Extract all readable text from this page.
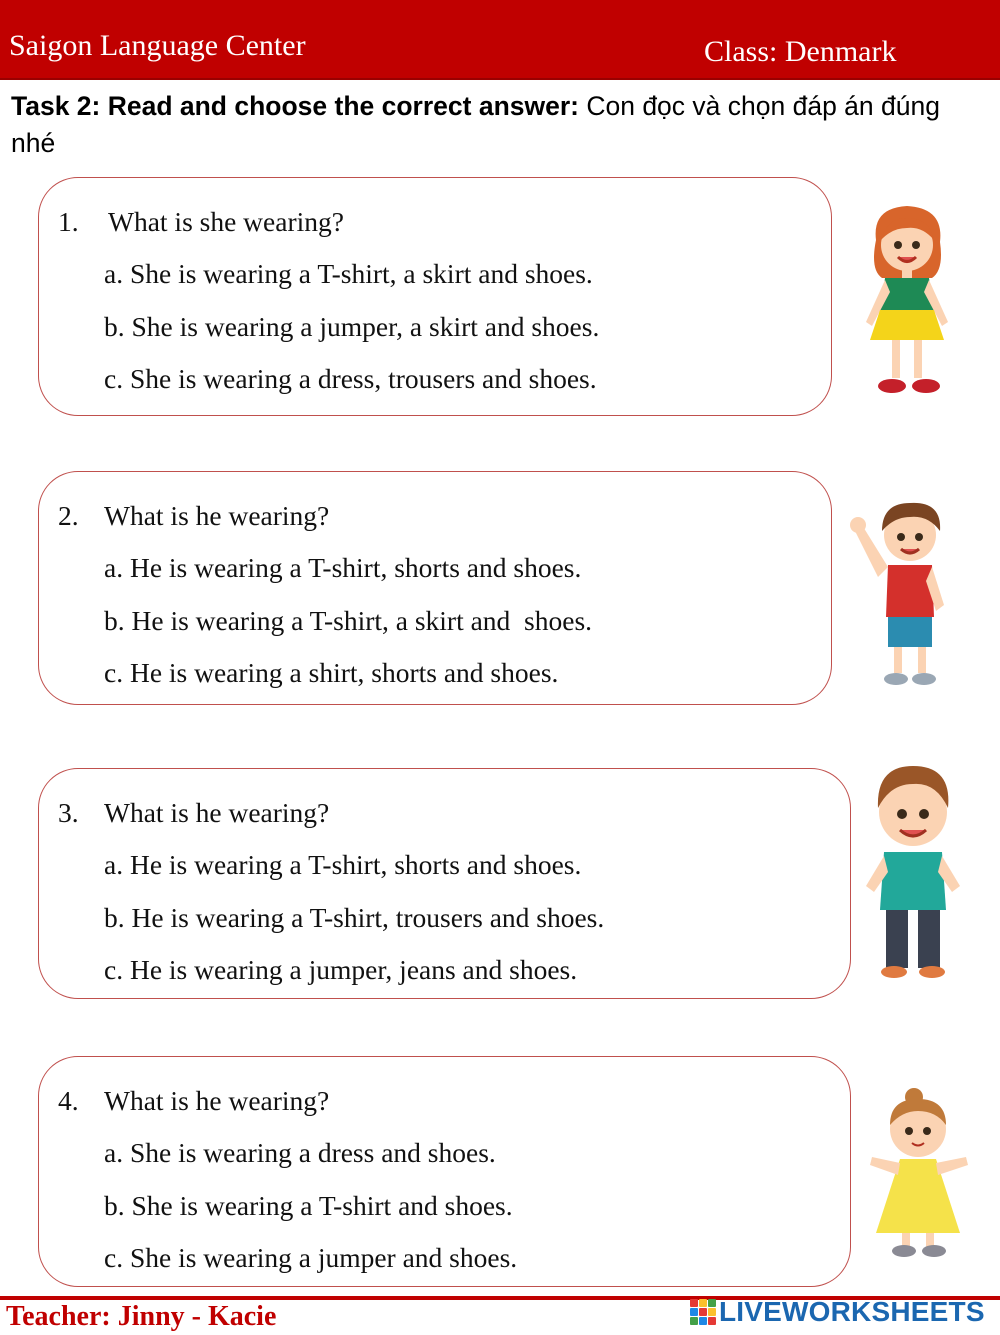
Saigon Language Center	Class: Denmark
Task 2: Read and choose the correct answer: Con đọc và chọn đáp án đúng nhé
1. What is she wearing?
a. She is wearing a T-shirt, a skirt and shoes.
b. She is wearing a jumper, a skirt and shoes.
c. She is wearing a dress, trousers and shoes.
2. What is he wearing?
a. He is wearing a T-shirt, shorts and shoes.
b. He is wearing a T-shirt, a skirt and  shoes.
c. He is wearing a shirt, shorts and shoes.
3. What is he wearing?
a. He is wearing a T-shirt, shorts and shoes.
b. He is wearing a T-shirt, trousers and shoes.
c. He is wearing a jumper, jeans and shoes.
4. What is he wearing?
a. She is wearing a dress and shoes.
b. She is wearing a T-shirt and shoes.
c. She is wearing a jumper and shoes.
Teacher: Jinny - Kacie	LIVEWORKSHEETS
